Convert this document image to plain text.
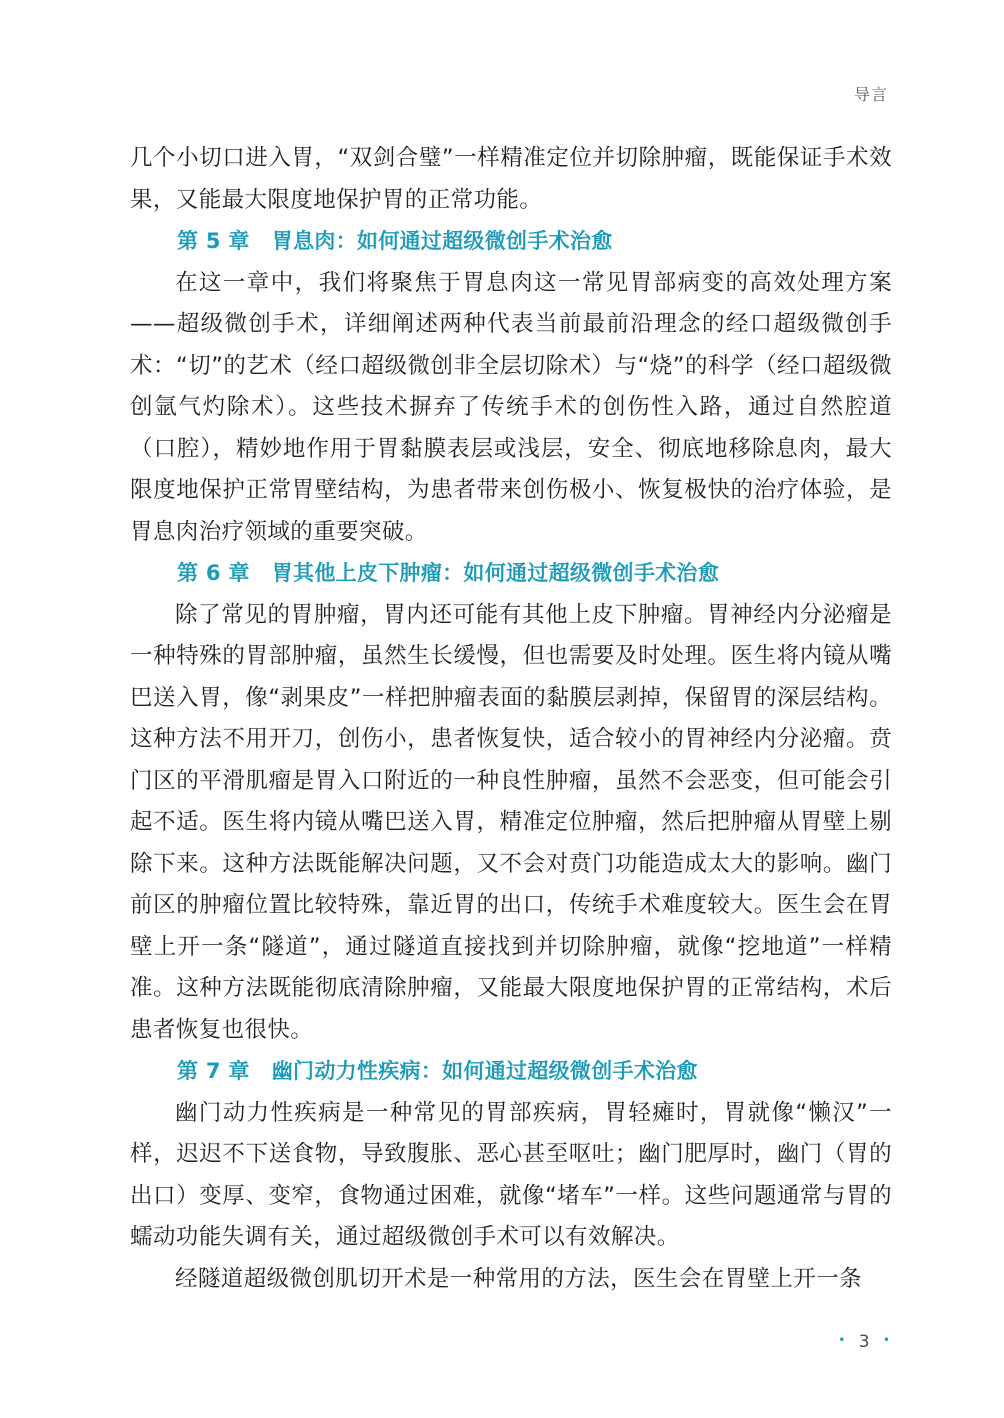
导言

几个小切口进入胃，“双剑合璧”一样精准定位并切除肿瘤，既能保证手术效果，又能最大限度地保护胃的正常功能。

第 5 章 胃息肉：如何通过超级微创手术治愈

在这一章中，我们将聚焦于胃息肉这一常见胃部病变的高效处理方案——超级微创手术，详细阐述两种代表当前最前沿理念的经口超级微创手术：“切”的艺术（经口超级微创非全层切除术）与“烧”的科学（经口超级微创氩气灼除术）。这些技术摒弃了传统手术的创伤性入路，通过自然腔道（口腔），精妙地作用于胃黏膜表层或浅层，安全、彻底地移除息肉，最大限度地保护正常胃壁结构，为患者带来创伤极小、恢复极快的治疗体验，是胃息肉治疗领域的重要突破。

第 6 章 胃其他上皮下肿瘤：如何通过超级微创手术治愈

除了常见的胃肿瘤，胃内还可能有其他上皮下肿瘤。胃神经内分泌瘤是一种特殊的胃部肿瘤，虽然生长缓慢，但也需要及时处理。医生将内镜从嘴巴送入胃，像“剥果皮”一样把肿瘤表面的黏膜层剥掉，保留胃的深层结构。这种方法不用开刀，创伤小，患者恢复快，适合较小的胃神经内分泌瘤。贲门区的平滑肌瘤是胃入口附近的一种良性肿瘤，虽然不会恶变，但可能会引起不适。医生将内镜从嘴巴送入胃，精准定位肿瘤，然后把肿瘤从胃壁上剔除下来。这种方法既能解决问题，又不会对贲门功能造成太大的影响。幽门前区的肿瘤位置比较特殊，靠近胃的出口，传统手术难度较大。医生会在胃壁上开一条“隧道”，通过隧道直接找到并切除肿瘤，就像“挖地道”一样精准。这种方法既能彻底清除肿瘤，又能最大限度地保护胃的正常结构，术后患者恢复也很快。

第 7 章 幽门动力性疾病：如何通过超级微创手术治愈

幽门动力性疾病是一种常见的胃部疾病，胃轻瘫时，胃就像“懒汉”一样，迟迟不下送食物，导致腹胀、恶心甚至呕吐；幽门肥厚时，幽门（胃的出口）变厚、变窄，食物通过困难，就像“堵车”一样。这些问题通常与胃的蠕动功能失调有关，通过超级微创手术可以有效解决。

经隧道超级微创肌切开术是一种常用的方法，医生会在胃壁上开一条

• 3 •
